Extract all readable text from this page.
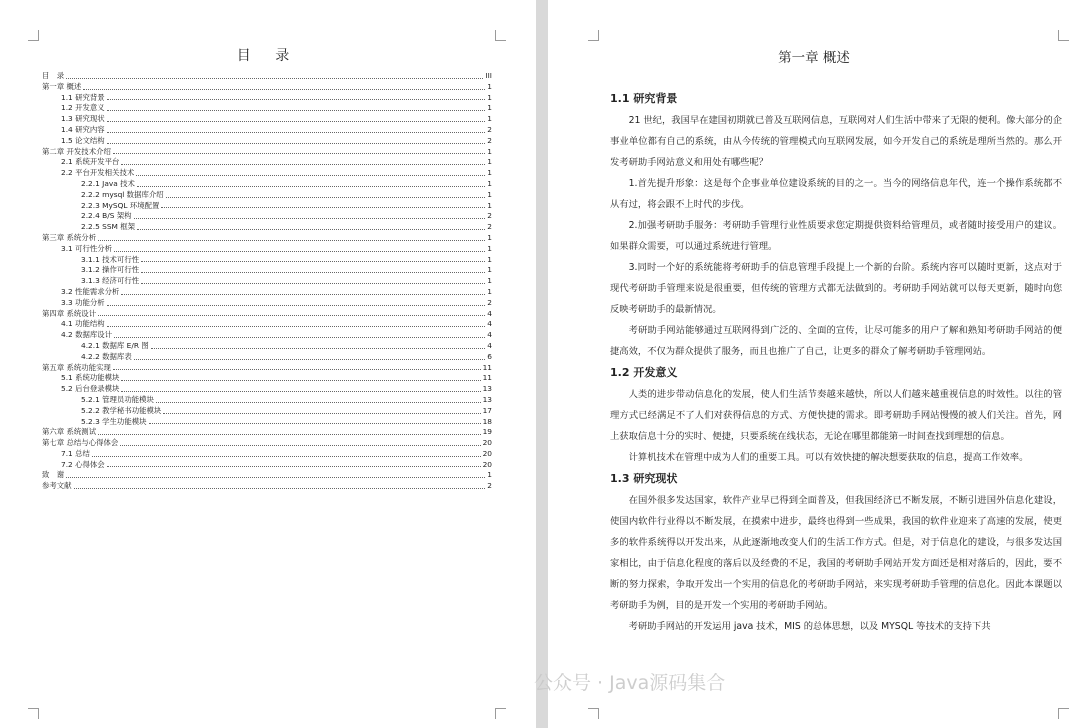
目 录
目　录	III
第一章 概述	1
1.1 研究背景	1
1.2 开发意义	1
1.3 研究现状	1
1.4 研究内容	2
1.5 论文结构	2
第二章 开发技术介绍	1
2.1 系统开发平台	1
2.2 平台开发相关技术	1
2.2.1 Java 技术	1
2.2.2 mysql 数据库介绍	1
2.2.3 MySQL 环境配置	1
2.2.4 B/S 架构	2
2.2.5 SSM 框架	2
第三章 系统分析	1
3.1 可行性分析	1
3.1.1 技术可行性	1
3.1.2 操作可行性	1
3.1.3 经济可行性	1
3.2 性能需求分析	1
3.3 功能分析	2
第四章 系统设计	4
4.1 功能结构	4
4.2 数据库设计	4
4.2.1 数据库 E/R 图	4
4.2.2 数据库表	6
第五章 系统功能实现	11
5.1 系统功能模块	11
5.2 后台登录模块	13
5.2.1 管理员功能模块	13
5.2.2 教学秘书功能模块	17
5.2.3 学生功能模块	18
第六章 系统测试	19
第七章 总结与心得体会	20
7.1 总结	20
7.2 心得体会	20
致　谢	1
参考文献	2
第一章 概述
1.1 研究背景

21 世纪，我国早在建国初期就已普及互联网信息，互联网对人们生活中带来了无限的便利。像大部分的企事业单位都有自己的系统，由从今传统的管理模式向互联网发展，如今开发自己的系统是理所当然的。那么开发考研助手网站意义和用处有哪些呢？

1.首先提升形象：这是每个企事业单位建设系统的目的之一。当今的网络信息年代，连一个操作系统都不从有过，将会跟不上时代的步伐。

2.加强考研助手服务：考研助手管理行业性质要求您定期提供资料给管理员，或者随时接受用户的建议。如果群众需要，可以通过系统进行管理。

3.同时一个好的系统能将考研助手的信息管理手段提上一个新的台阶。系统内容可以随时更新，这点对于现代考研助手管理来说是很重要，但传统的管理方式都无法做到的。考研助手网站就可以每天更新，随时向您反映考研助手的最新情况。

考研助手网站能够通过互联网得到广泛的、全面的宣传，让尽可能多的用户了解和熟知考研助手网站的便捷高效，不仅为群众提供了服务，而且也推广了自己，让更多的群众了解考研助手管理网站。

1.2 开发意义

人类的进步带动信息化的发展，使人们生活节奏越来越快，所以人们越来越重视信息的时效性。以往的管理方式已经满足不了人们对获得信息的方式、方便快捷的需求。即考研助手网站慢慢的被人们关注。首先，网上获取信息十分的实时、便捷，只要系统在线状态，无论在哪里都能第一时间查找到理想的信息。

计算机技术在管理中成为人们的重要工具。可以有效快捷的解决想要获取的信息，提高工作效率。

1.3 研究现状

在国外很多发达国家，软件产业早已得到全面普及，但我国经济已不断发展，不断引进国外信息化建设，使国内软件行业得以不断发展，在摸索中进步，最终也得到一些成果，我国的软件业迎来了高速的发展，使更多的软件系统得以开发出来，从此逐渐地改变人们的生活工作方式。但是，对于信息化的建设，与很多发达国家相比，由于信息化程度的落后以及经费的不足，我国的考研助手网站开发方面还是相对落后的，因此，要不断的努力探索，争取开发出一个实用的信息化的考研助手网站，来实现考研助手管理的信息化。因此本课题以考研助手为例，目的是开发一个实用的考研助手网站。

考研助手网站的开发运用 java 技术，MIS 的总体思想，以及 MYSQL 等技术的支持下共

公众号 · Java源码集合
